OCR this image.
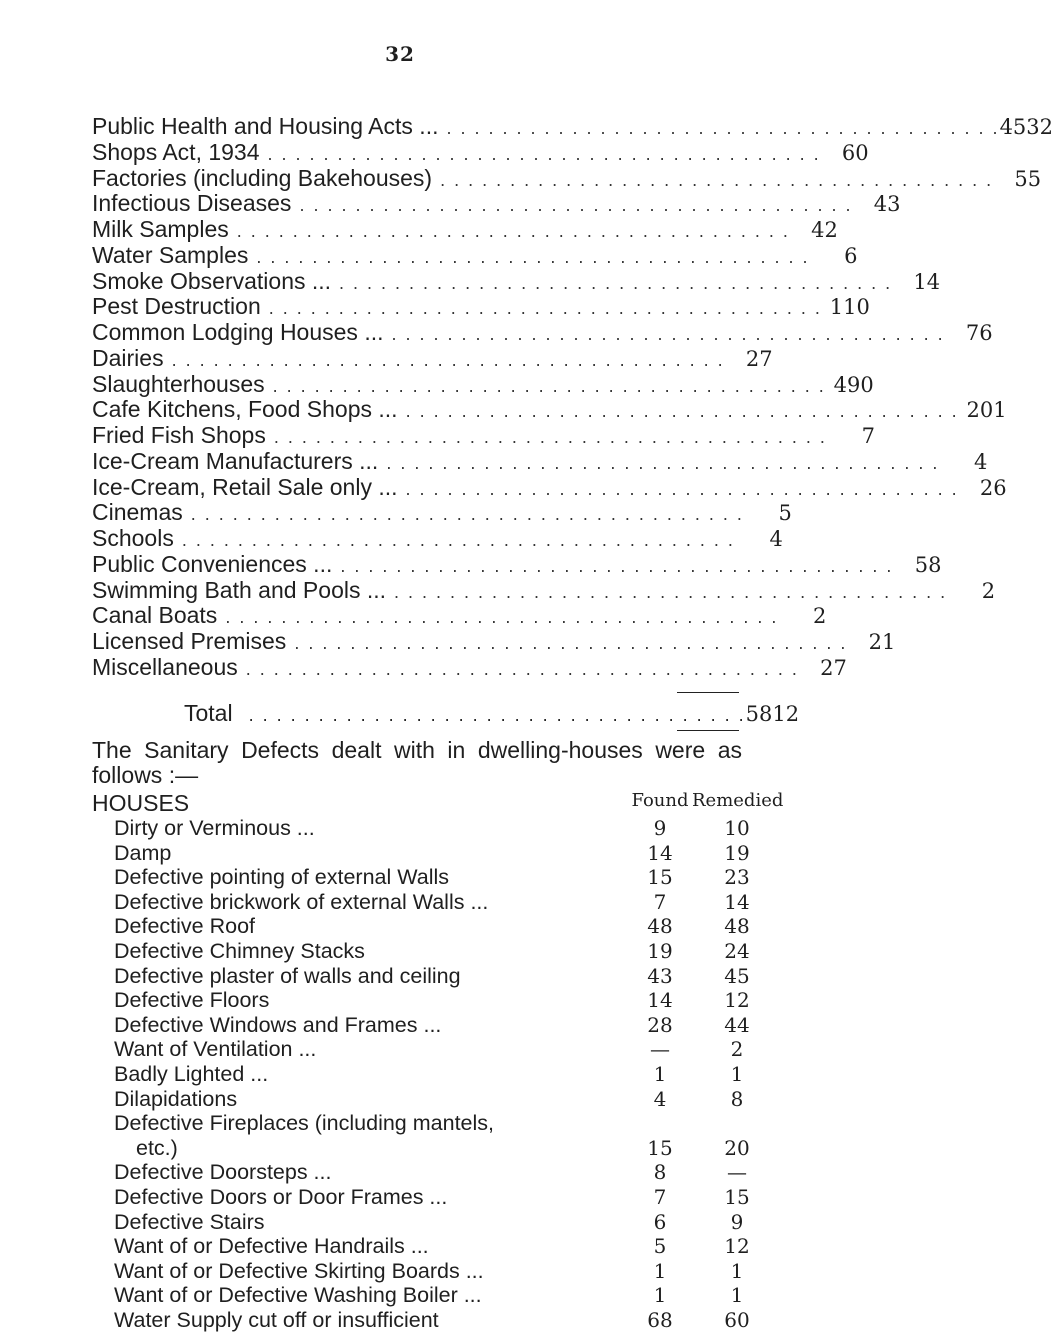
32
Public Health and Housing Acts ... . . . . . . . . . . . . . . . . . . . . . . . . . . . . . . . . . . . . . . . . 4532
Shops Act, 1934 . . . . . . . . . . . . . . . . . . . . . . . . . . . . . . . . . . . . . . . .	60
Factories (including Bakehouses) . . . . . . . . . . . . . . . . . . . . . . . . . . . . . . . . . . . . . . . .	55
Infectious Diseases . . . . . . . . . . . . . . . . . . . . . . . . . . . . . . . . . . . . . . . .	43
Milk Samples . . . . . . . . . . . . . . . . . . . . . . . . . . . . . . . . . . . . . . . .	42
Water Samples . . . . . . . . . . . . . . . . . . . . . . . . . . . . . . . . . . . . . . . .	6
Smoke Observations ... . . . . . . . . . . . . . . . . . . . . . . . . . . . . . . . . . . . . . . . .	14
Pest Destruction . . . . . . . . . . . . . . . . . . . . . . . . . . . . . . . . . . . . . . . . 110
Common Lodging Houses ... . . . . . . . . . . . . . . . . . . . . . . . . . . . . . . . . . . . . . . . .	76
Dairies . . . . . . . . . . . . . . . . . . . . . . . . . . . . . . . . . . . . . . . .	27
Slaughterhouses . . . . . . . . . . . . . . . . . . . . . . . . . . . . . . . . . . . . . . . . 490
Cafe Kitchens, Food Shops ... . . . . . . . . . . . . . . . . . . . . . . . . . . . . . . . . . . . . . . . . 201
Fried Fish Shops . . . . . . . . . . . . . . . . . . . . . . . . . . . . . . . . . . . . . . . .	7
Ice-Cream Manufacturers ... . . . . . . . . . . . . . . . . . . . . . . . . . . . . . . . . . . . . . . . .	4
Ice-Cream, Retail Sale only ... . . . . . . . . . . . . . . . . . . . . . . . . . . . . . . . . . . . . . . . .	26
Cinemas . . . . . . . . . . . . . . . . . . . . . . . . . . . . . . . . . . . . . . . .	5
Schools . . . . . . . . . . . . . . . . . . . . . . . . . . . . . . . . . . . . . . . .	4
Public Conveniences ... . . . . . . . . . . . . . . . . . . . . . . . . . . . . . . . . . . . . . . . .	58
Swimming Bath and Pools ... . . . . . . . . . . . . . . . . . . . . . . . . . . . . . . . . . . . . . . . .	2
Canal Boats . . . . . . . . . . . . . . . . . . . . . . . . . . . . . . . . . . . . . . . .	2
Licensed Premises . . . . . . . . . . . . . . . . . . . . . . . . . . . . . . . . . . . . . . . .	21
Miscellaneous . . . . . . . . . . . . . . . . . . . . . . . . . . . . . . . . . . . . . . . .	27
Total . . . . . . . . . . . . . . . . . . . . . . . . . . . . . . . . . . . . 5812
The Sanitary Defects dealt with in dwelling-houses were as follows :—
HOUSES	Found Remedied
Dirty or Verminous ...	9	10
Damp	14	19
Defective pointing of external Walls	15	23
Defective brickwork of external Walls ...	7	14
Defective Roof	48	48
Defective Chimney Stacks	19	24
Defective plaster of walls and ceiling	43	45
Defective Floors	14	12
Defective Windows and Frames ...	28	44
Want of Ventilation ...	—	2
Badly Lighted ...	1	1
Dilapidations	4	8
Defective Fireplaces (including mantels,
etc.)	15	20
Defective Doorsteps ...	8	—
Defective Doors or Door Frames ...	7	15
Defective Stairs	6	9
Want of or Defective Handrails ...	5	12
Want of or Defective Skirting Boards ...	1	1
Want of or Defective Washing Boiler ...	1	1
Water Supply cut off or insufficient	68	60
